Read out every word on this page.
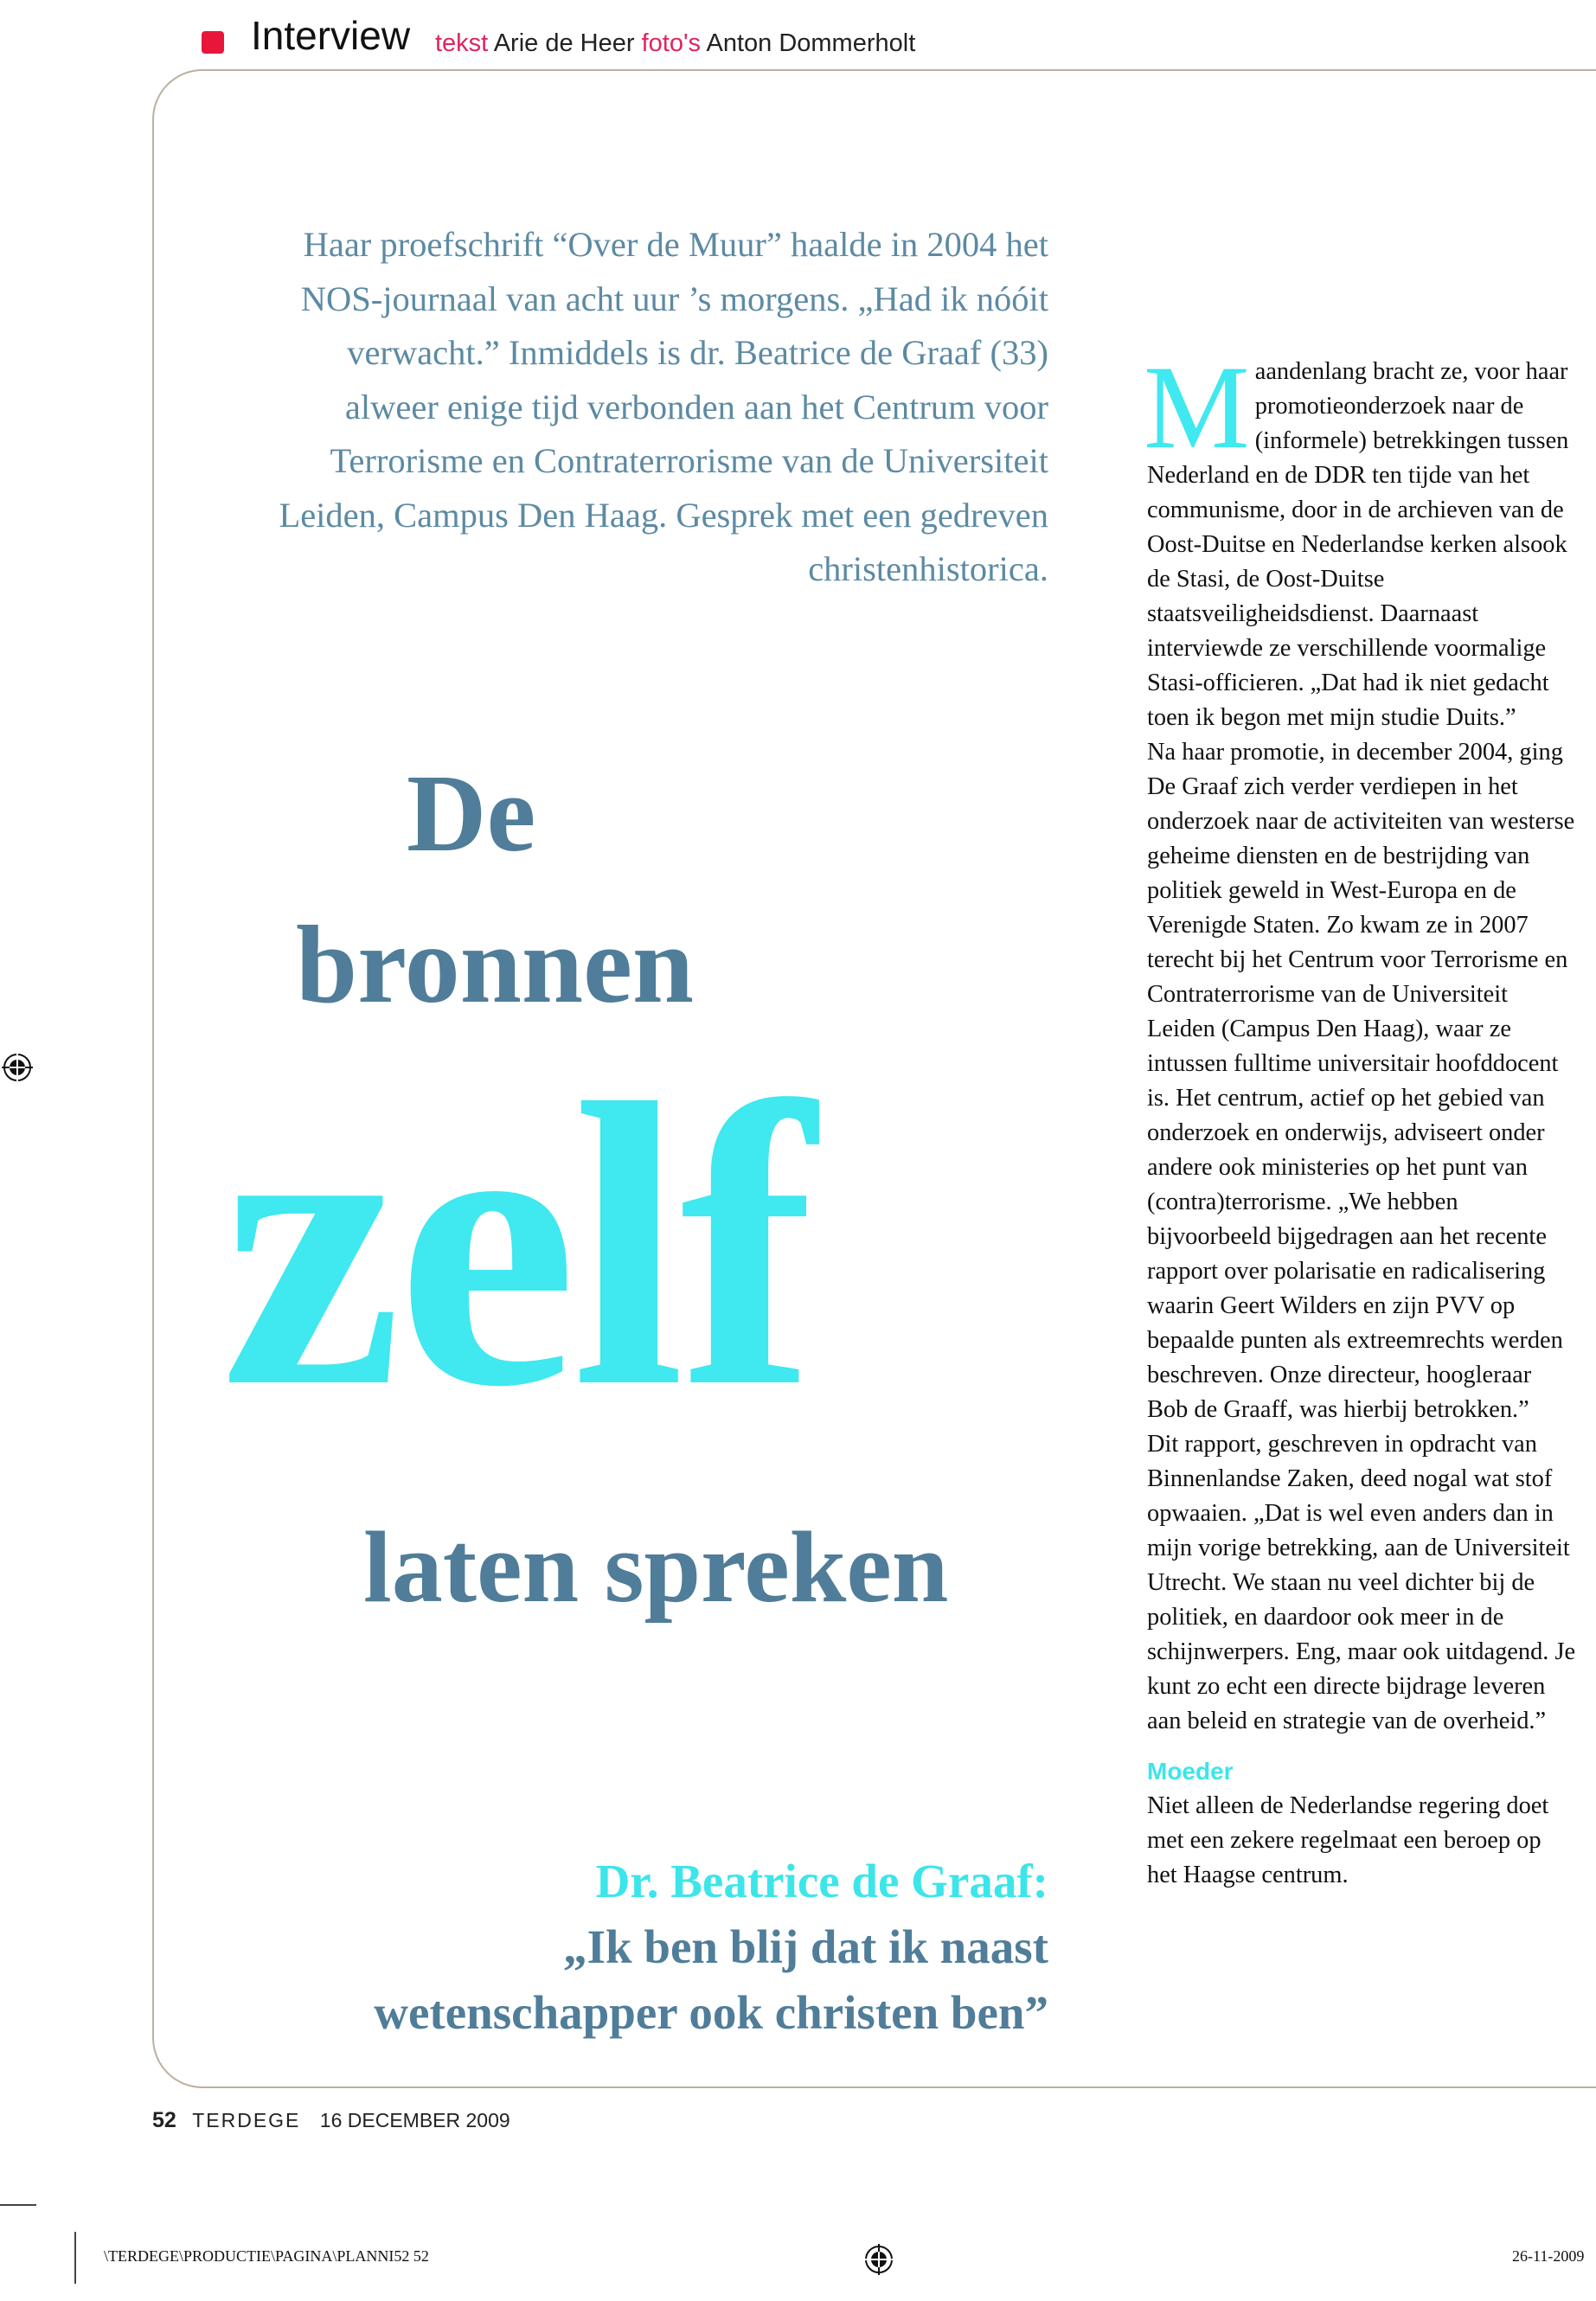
Interview tekst Arie de Heer foto's Anton Dommerholt
Haar proefschrift “Over de Muur” haalde in 2004 het NOS-journaal van acht uur ’s morgens. „Had ik nóóit verwacht.” Inmiddels is dr. Beatrice de Graaf (33) alweer enige tijd verbonden aan het Centrum voor Terrorisme en Contraterrorisme van de Universiteit Leiden, Campus Den Haag. Gesprek met een gedreven christenhistorica.
De
bronnen
zelf
laten spreken
Dr. Beatrice de Graaf:
„Ik ben blij dat ik naast
wetenschapper ook christen ben”

Maandenlang bracht ze, voor haar promotieonderzoek naar de (informele) betrekkingen tussen Nederland en de DDR ten tijde van het communisme, door in de archieven van de Oost-Duitse en Nederlandse kerken alsook de Stasi, de Oost-Duitse staatsveiligheidsdienst. Daarnaast interviewde ze verschillende voormalige Stasi-officieren. „Dat had ik niet gedacht toen ik begon met mijn studie Duits.”

Na haar promotie, in december 2004, ging De Graaf zich verder verdiepen in het onderzoek naar de activiteiten van westerse geheime diensten en de bestrijding van politiek geweld in West-Europa en de Verenigde Staten. Zo kwam ze in 2007 terecht bij het Centrum voor Terrorisme en Contraterrorisme van de Universiteit Leiden (Campus Den Haag), waar ze intussen fulltime universitair hoofddocent is. Het centrum, actief op het gebied van onderzoek en onderwijs, adviseert onder andere ook ministeries op het punt van (contra)terrorisme. „We hebben bijvoorbeeld bijgedragen aan het recente rapport over polarisatie en radicalisering waarin Geert Wilders en zijn PVV op bepaalde punten als extreemrechts werden beschreven. Onze directeur, hoogleraar Bob de Graaff, was hierbij betrokken.”

Dit rapport, geschreven in opdracht van Binnenlandse Zaken, deed nogal wat stof opwaaien. „Dat is wel even anders dan in mijn vorige betrekking, aan de Universiteit Utrecht. We staan nu veel dichter bij de politiek, en daardoor ook meer in de schijnwerpers. Eng, maar ook uitdagend. Je kunt zo echt een directe bijdrage leveren aan beleid en strategie van de overheid.”

Moeder

Niet alleen de Nederlandse regering doet met een zekere regelmaat een beroep op het Haagse centrum.

52 TERDEGE 16 DECEMBER 2009
\TERDEGE\PRODUCTIE\PAGINA\PLANNI52 52	26-11-2009
